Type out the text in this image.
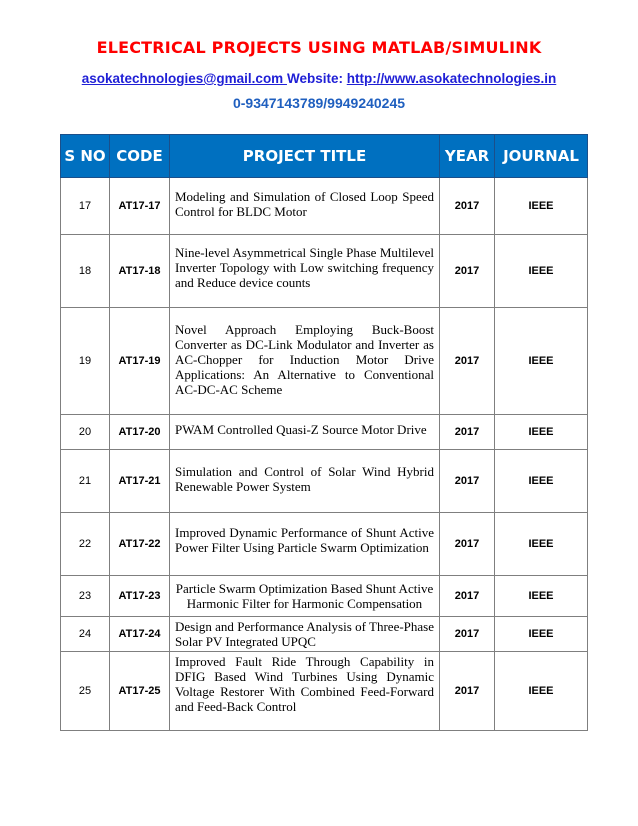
ELECTRICAL PROJECTS USING MATLAB/SIMULINK
asokatechnologies@gmail.com Website: http://www.asokatechnologies.in
0-9347143789/9949240245
S NO	CODE	PROJECT TITLE	YEAR	JOURNAL
17	AT17-17	Modeling and Simulation of Closed Loop Speed Control for BLDC Motor	2017	IEEE
18	AT17-18	Nine-level Asymmetrical Single Phase Multilevel Inverter Topology with Low switching frequency and Reduce device counts	2017	IEEE
19	AT17-19	Novel Approach Employing Buck-Boost Converter as DC-Link Modulator and Inverter as AC-Chopper for Induction Motor Drive Applications: An Alternative to Conventional AC-DC-AC Scheme	2017	IEEE
20	AT17-20	PWAM Controlled Quasi-Z Source Motor Drive	2017	IEEE
21	AT17-21	Simulation and Control of Solar Wind Hybrid Renewable Power System	2017	IEEE
22	AT17-22	Improved Dynamic Performance of Shunt Active Power Filter Using Particle Swarm Optimization	2017	IEEE
23	AT17-23	Particle Swarm Optimization Based Shunt Active Harmonic Filter for Harmonic Compensation	2017	IEEE
24	AT17-24	Design and Performance Analysis of Three-Phase Solar PV Integrated UPQC	2017	IEEE
25	AT17-25	Improved Fault Ride Through Capability in DFIG Based Wind Turbines Using Dynamic Voltage Restorer With Combined Feed-Forward and Feed-Back Control	2017	IEEE
